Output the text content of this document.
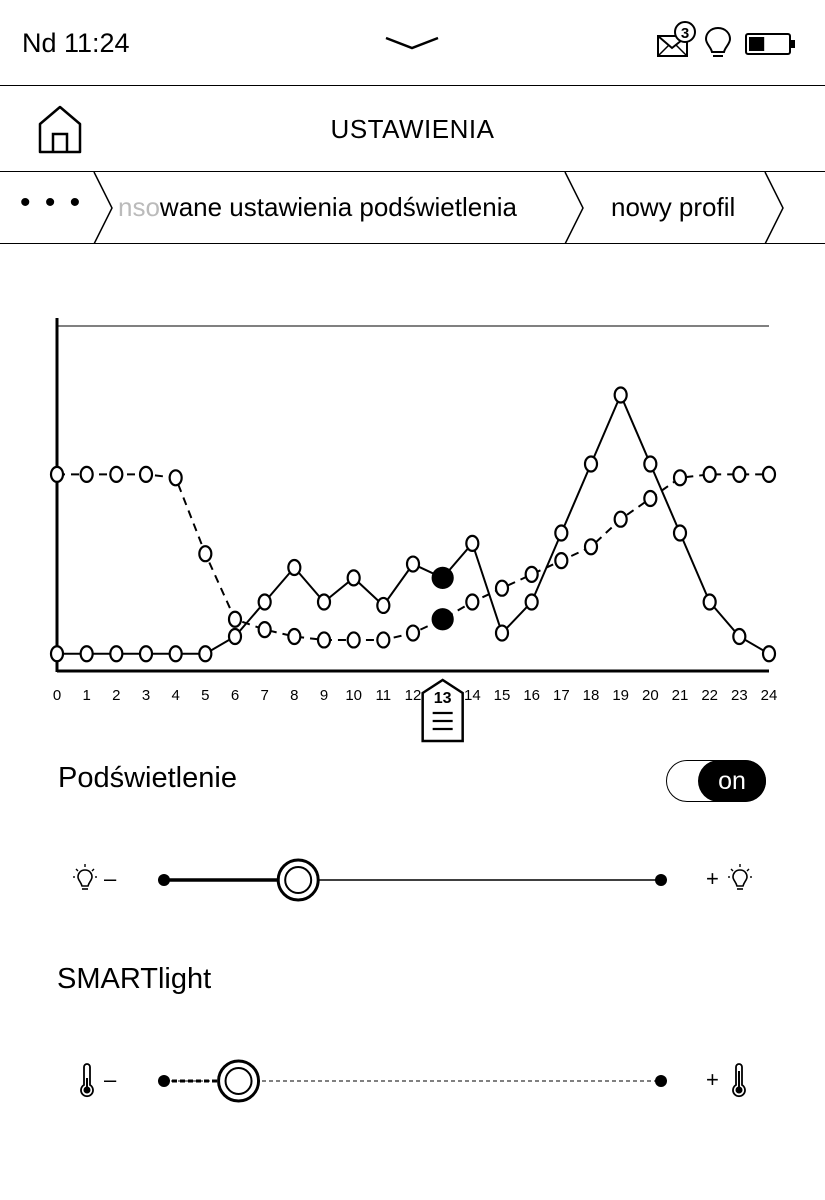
Nd 11:24	3
USTAWIENIA
• • • nsowane ustawienia podświetlenia	nowy profil
0 1 2 3 4 5 6 7 8 9 10 11 12	14 15 16 17 18 19 20 21 22 23 24
13
Podświetlenie	on
–	+
SMARTlight
–	+
